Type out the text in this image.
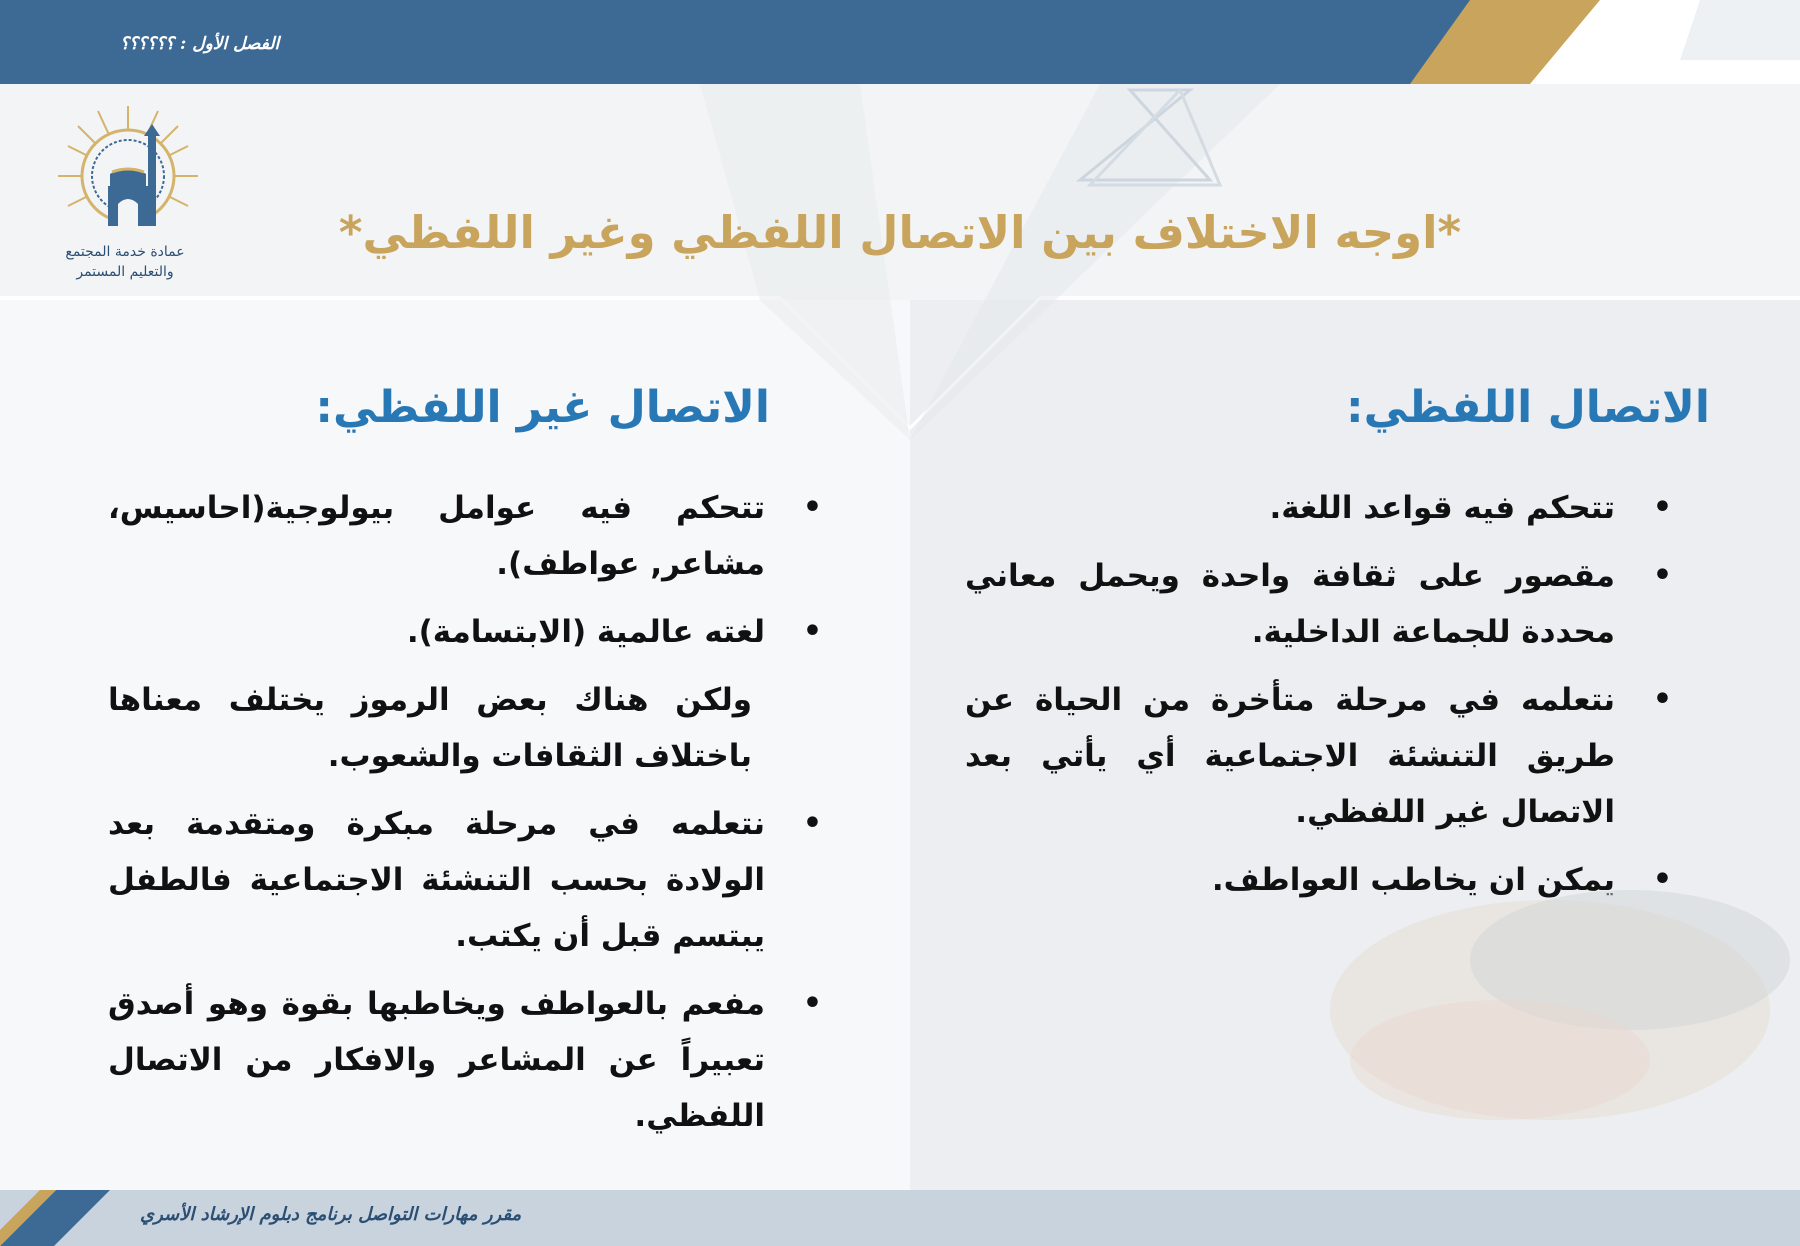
الفصل الأول : ؟؟؟؟؟؟
عمادة خدمة المجتمع
والتعليم المستمر
*اوجه الاختلاف بين الاتصال اللفظي وغير اللفظي*
الاتصال اللفظي:
الاتصال غير اللفظي:
•
تتحكم فيه قواعد اللغة.
•
مقصور على ثقافة واحدة ويحمل معاني محددة للجماعة الداخلية.
•
نتعلمه في مرحلة متأخرة من الحياة عن طريق التنشئة الاجتماعية أي يأتي بعد الاتصال غير اللفظي.
•
يمكن ان يخاطب العواطف.
•
تتحكم فيه عوامل بيولوجية(احاسيس، مشاعر, عواطف).
•
لغته عالمية (الابتسامة).
ولكن هناك بعض الرموز يختلف معناها باختلاف الثقافات والشعوب.
•
نتعلمه في مرحلة مبكرة ومتقدمة بعد الولادة بحسب التنشئة الاجتماعية فالطفل يبتسم قبل أن يكتب.
•
مفعم بالعواطف ويخاطبها بقوة وهو أصدق تعبيراً عن المشاعر والافكار من الاتصال اللفظي.
مقرر مهارات التواصل برنامج دبلوم الإرشاد الأسري
